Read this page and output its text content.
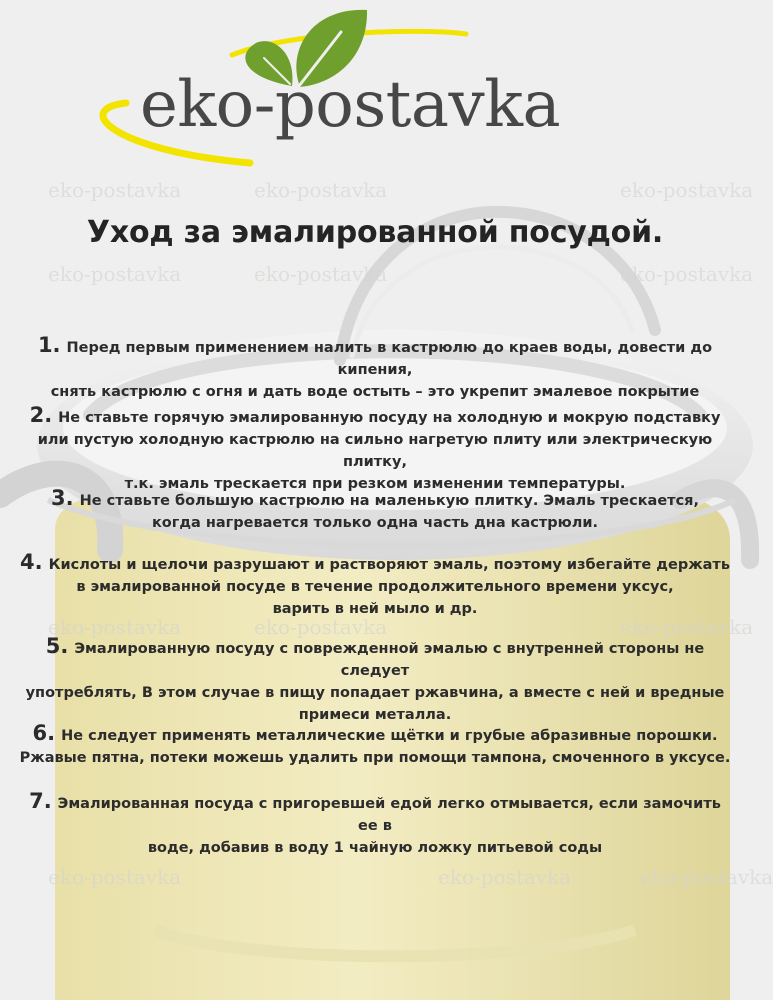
eko-postavka	eko-postavka	eko-postavka
eko-postavka	eko-postavka	eko-postavka
eko-postavka	eko-postavka	eko-postavka
eko-postavka	eko-postavka	eko-postavka
eko-postavka
Уход за эмалированной посудой.
1. Перед первым применением налить в кастрюлю до краев воды, довести до кипения,
снять кастрюлю с огня и дать воде остыть – это укрепит эмалевое покрытие
2. Не ставьте горячую эмалированную посуду на холодную и мокрую подставку
или пустую холодную кастрюлю на сильно нагретую плиту или электрическую плитку,
т.к. эмаль трескается при резком изменении температуры.
3. Не ставьте большую кастрюлю на маленькую плитку. Эмаль трескается,
когда нагревается только одна часть дна кастрюли.
4. Кислоты и щелочи разрушают и растворяют эмаль, поэтому избегайте держать
в эмалированной посуде в течение продолжительного времени уксус,
варить в ней мыло и др.
5. Эмалированную посуду с поврежденной эмалью с внутренней стороны не следует
употреблять, В этом случае в пищу попадает ржавчина, а вместе с ней и вредные
примеси металла.
6. Не следует применять металлические щётки и грубые абразивные порошки.
Ржавые пятна, потеки можешь удалить при помощи тампона, смоченного в уксусе.
7. Эмалированная посуда с пригоревшей едой легко отмывается, если замочить ее в
воде, добавив в воду 1 чайную ложку питьевой соды
